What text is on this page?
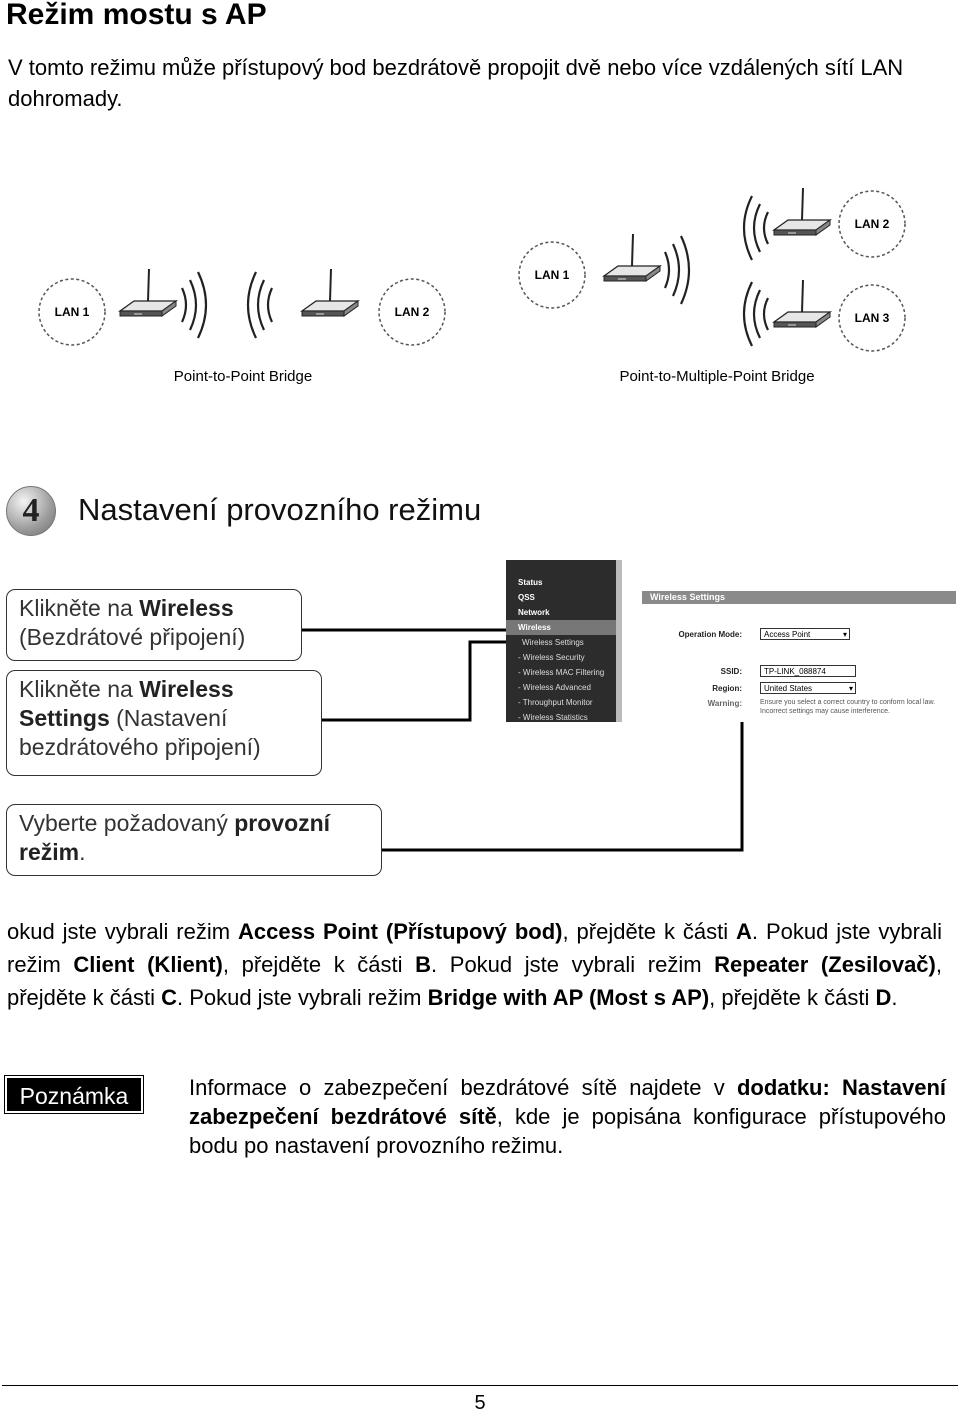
Režim mostu s AP
V tomto režimu může přístupový bod bezdrátově propojit dvě nebo více vzdálených sítí LAN dohromady.
LAN 1	LAN 2
Point-to-Point Bridge
LAN 1
LAN 2
LAN 3
Point-to-Multiple-Point Bridge
4	Nastavení provozního režimu
Klikněte na Wireless
(Bezdrátové připojení)
Klikněte na Wireless
Settings (Nastavení
bezdrátového připojení)
Vyberte požadovaný provozní
režim.
Status
QSS
Network
Wireless
Wireless Settings
- Wireless Security
- Wireless MAC Filtering
- Wireless Advanced
- Throughput Monitor
- Wireless Statistics
Wireless Settings
Operation Mode:	Access Point	▾
SSID:	TP-LINK_088874
Region:	United States	▾
Warning:	Ensure you select a correct country to conform local law.
Incorrect settings may cause interference.
okud jste vybrali režim Access Point (Přístupový bod), přejděte k části A. Pokud jste vybrali režim Client (Klient), přejděte k části B. Pokud jste vybrali režim Repeater (Zesilovač), přejděte k části C. Pokud jste vybrali režim Bridge with AP (Most s AP), přejděte k části D.
Poznámka	Informace o zabezpečení bezdrátové sítě najdete v dodatku: Nastavení zabezpečení bezdrátové sítě, kde je popisána konfigurace přístupového bodu po nastavení provozního režimu.
5
